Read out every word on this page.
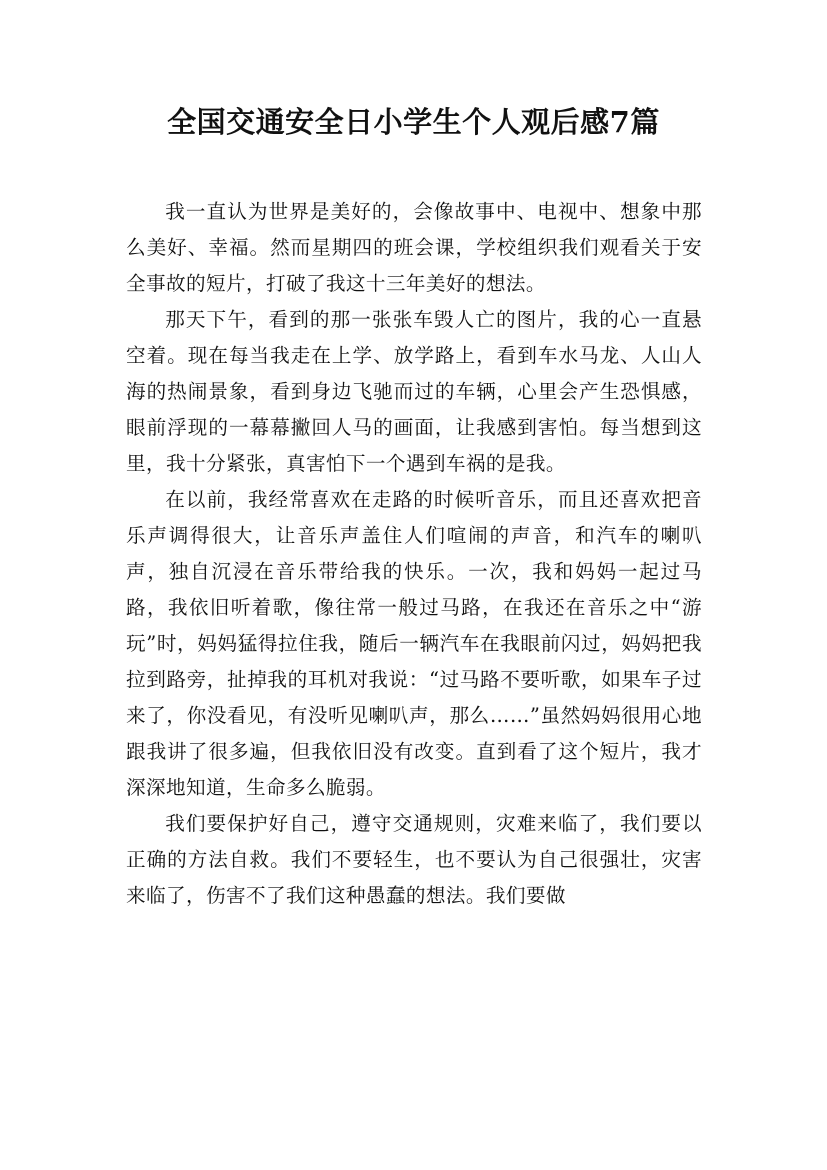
全国交通安全日小学生个人观后感7篇

我一直认为世界是美好的，会像故事中、电视中、想象中那么美好、幸福。然而星期四的班会课，学校组织我们观看关于安全事故的短片，打破了我这十三年美好的想法。

那天下午，看到的那一张张车毁人亡的图片，我的心一直悬空着。现在每当我走在上学、放学路上，看到车水马龙、人山人海的热闹景象，看到身边飞驰而过的车辆，心里会产生恐惧感，眼前浮现的一幕幕撇回人马的画面，让我感到害怕。每当想到这里，我十分紧张，真害怕下一个遇到车祸的是我。

在以前，我经常喜欢在走路的时候听音乐，而且还喜欢把音乐声调得很大，让音乐声盖住人们喧闹的声音，和汽车的喇叭声，独自沉浸在音乐带给我的快乐。一次，我和妈妈一起过马路，我依旧听着歌，像往常一般过马路，在我还在音乐之中“游玩”时，妈妈猛得拉住我，随后一辆汽车在我眼前闪过，妈妈把我拉到路旁，扯掉我的耳机对我说：“过马路不要听歌，如果车子过来了，你没看见，有没听见喇叭声，那么……”虽然妈妈很用心地跟我讲了很多遍，但我依旧没有改变。直到看了这个短片，我才深深地知道，生命多么脆弱。

我们要保护好自己，遵守交通规则，灾难来临了，我们要以正确的方法自救。我们不要轻生，也不要认为自己很强壮，灾害来临了，伤害不了我们这种愚蠢的想法。我们要做
